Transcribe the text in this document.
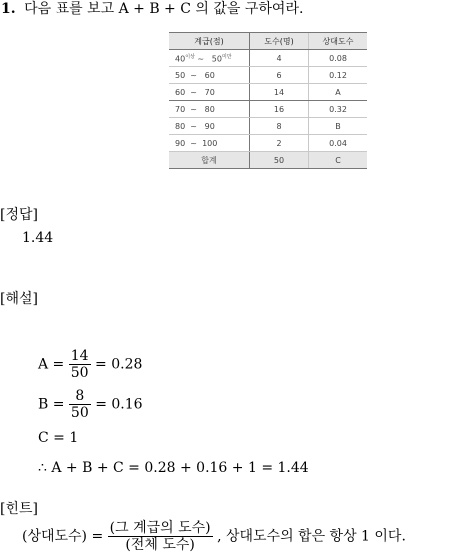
1. 다음 표를 보고 A + B + C 의 값을 구하여라.
계급(점)	도수(명)	상대도수
$40^{이상}$ ~ $50^{미만}$	4	0.08
50 ~ 60	6	0.12
60 ~ 70	14	A
70 ~ 80	16	0.32
80 ~ 90	8	B
90 ~ 100	2	0.04
합계	50	C
[정답]
1.44
[해설]
$A = \frac{14}{50} = 0.28$
$B = \frac{8}{50} = 0.16$
C = 1
∴ A + B + C = 0.28 + 0.16 + 1 = 1.44
[힌트]
(상대도수) = $\frac{\text{(그 계급의 도수)}}{\text{(전체 도수)}}$ , 상대도수의 합은 항상 1 이다.
